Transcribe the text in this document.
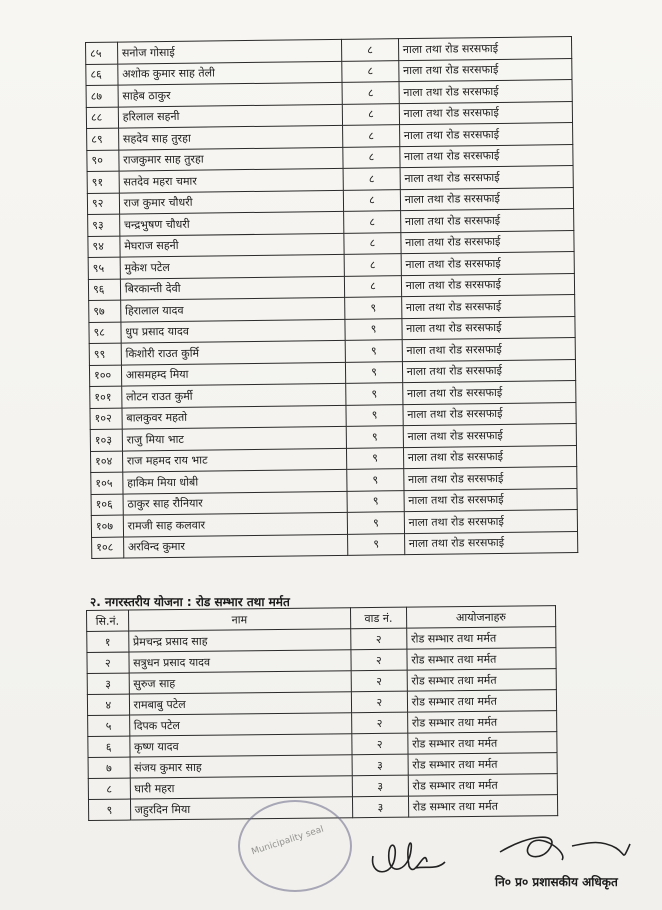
८५	सनोज गोसाई	८	नाला तथा रोड सरसफाई
८६	अशोक कुमार साह तेली	८	नाला तथा रोड सरसफाई
८७	साहेब ठाकुर	८	नाला तथा रोड सरसफाई
८८	हरिलाल सहनी	८	नाला तथा रोड सरसफाई
८९	सहदेव साह तुरहा	८	नाला तथा रोड सरसफाई
९०	राजकुमार साह तुरहा	८	नाला तथा रोड सरसफाई
९१	सतदेव महरा चमार	८	नाला तथा रोड सरसफाई
९२	राज कुमार चौधरी	८	नाला तथा रोड सरसफाई
९३	चन्द्रभुषण चौधरी	८	नाला तथा रोड सरसफाई
९४	मेघराज सहनी	८	नाला तथा रोड सरसफाई
९५	मुकेश पटेल	८	नाला तथा रोड सरसफाई
९६	बिरकान्ती देवी	८	नाला तथा रोड सरसफाई
९७	हिरालाल यादव	९	नाला तथा रोड सरसफाई
९८	धुप प्रसाद यादव	९	नाला तथा रोड सरसफाई
९९	किशोरी राउत कुर्मि	९	नाला तथा रोड सरसफाई
१००	आसमहम्द मिया	९	नाला तथा रोड सरसफाई
१०१	लोटन राउत कुर्मी	९	नाला तथा रोड सरसफाई
१०२	बालकुवर महतो	९	नाला तथा रोड सरसफाई
१०३	राजु मिया भाट	९	नाला तथा रोड सरसफाई
१०४	राज महमद राय भाट	९	नाला तथा रोड सरसफाई
१०५	हाकिम मिया धोबी	९	नाला तथा रोड सरसफाई
१०६	ठाकुर साह रौनियार	९	नाला तथा रोड सरसफाई
१०७	रामजी साह कलवार	९	नाला तथा रोड सरसफाई
१०८	अरविन्द कुमार	९	नाला तथा रोड सरसफाई
२. नगरस्तरीय योजना : रोड सम्भार तथा मर्मत
सि.नं.	नाम	वाड नं.	आयोजनाहरु
१	प्रेमचन्द्र प्रसाद साह	२	रोड सम्भार तथा मर्मत
२	सत्रुधन प्रसाद यादव	२	रोड सम्भार तथा मर्मत
३	सुरुज साह	२	रोड सम्भार तथा मर्मत
४	रामबाबु पटेल	२	रोड सम्भार तथा मर्मत
५	दिपक पटेल	२	रोड सम्भार तथा मर्मत
६	कृष्ण यादव	२	रोड सम्भार तथा मर्मत
७	संजय कुमार साह	३	रोड सम्भार तथा मर्मत
८	घारी महरा	३	रोड सम्भार तथा मर्मत
९	जहुरदिन मिया	३	रोड सम्भार तथा मर्मत
Municipality seal
नि० प्र० प्रशासकीय अधिकृत
